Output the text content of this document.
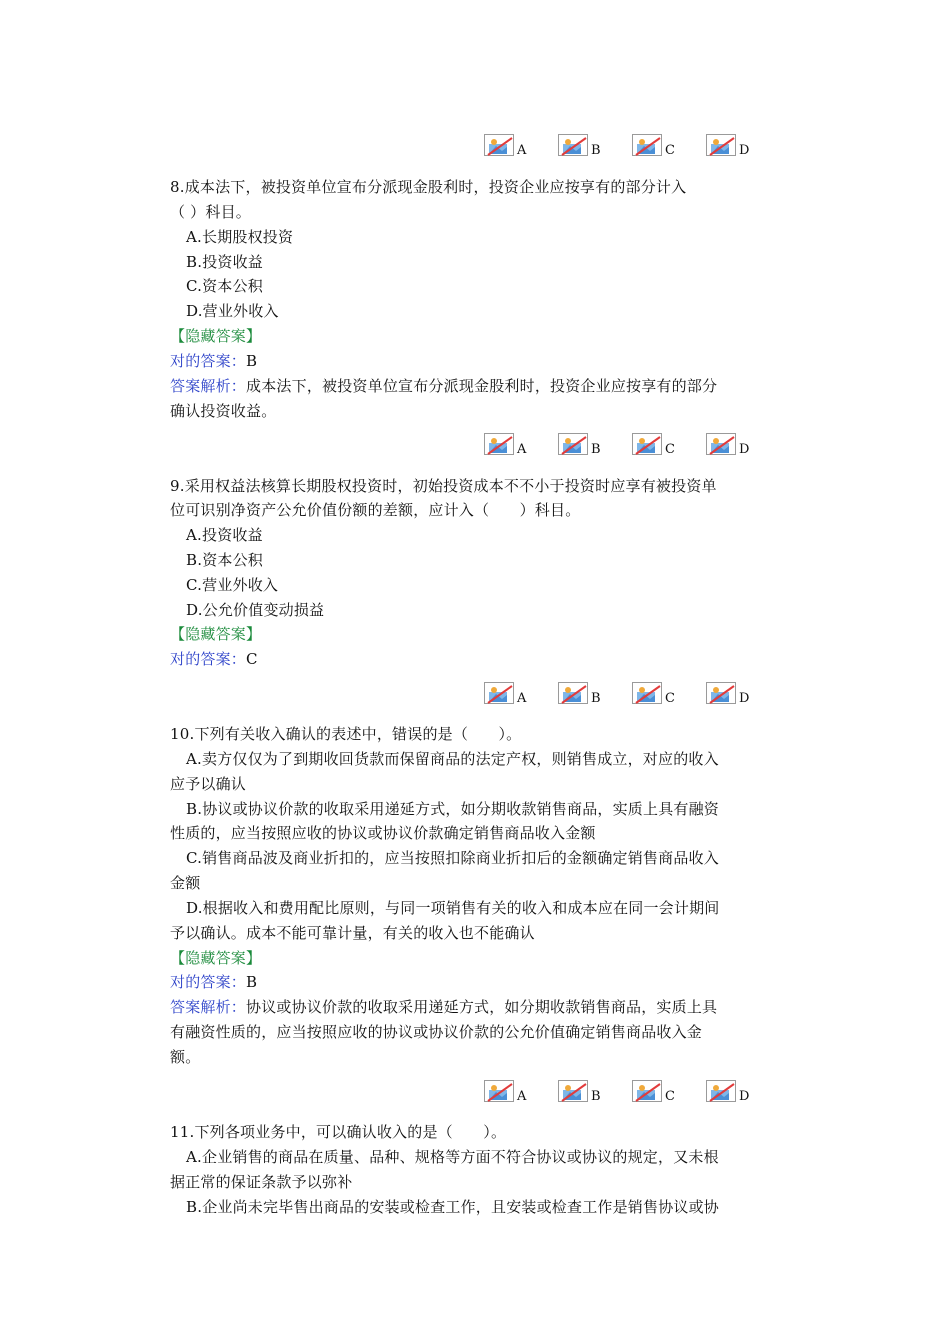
A	B	C	D
8.成本法下，被投资单位宣布分派现金股利时，投资企业应按享有的部分计入
（ ）科目。
A.长期股权投资
B.投资收益
C.资本公积
D.营业外收入
【隐藏答案】
对的答案：B
答案解析：成本法下，被投资单位宣布分派现金股利时，投资企业应按享有的部分
确认投资收益。
A	B	C	D
9.采用权益法核算长期股权投资时，初始投资成本不不小于投资时应享有被投资单
位可识别净资产公允价值份额的差额，应计入（　　）科目。
A.投资收益
B.资本公积
C.营业外收入
D.公允价值变动损益
【隐藏答案】
对的答案：C
A	B	C	D
10.下列有关收入确认的表述中，错误的是（　　）。
A.卖方仅仅为了到期收回货款而保留商品的法定产权，则销售成立，对应的收入
应予以确认
B.协议或协议价款的收取采用递延方式，如分期收款销售商品，实质上具有融资
性质的，应当按照应收的协议或协议价款确定销售商品收入金额
C.销售商品波及商业折扣的，应当按照扣除商业折扣后的金额确定销售商品收入
金额
D.根据收入和费用配比原则，与同一项销售有关的收入和成本应在同一会计期间
予以确认。成本不能可靠计量，有关的收入也不能确认
【隐藏答案】
对的答案：B
答案解析：协议或协议价款的收取采用递延方式，如分期收款销售商品，实质上具
有融资性质的，应当按照应收的协议或协议价款的公允价值确定销售商品收入金
额。
A	B	C	D
11.下列各项业务中，可以确认收入的是（　　）。
A.企业销售的商品在质量、品种、规格等方面不符合协议或协议的规定，又未根
据正常的保证条款予以弥补
B.企业尚未完毕售出商品的安装或检查工作，且安装或检查工作是销售协议或协
